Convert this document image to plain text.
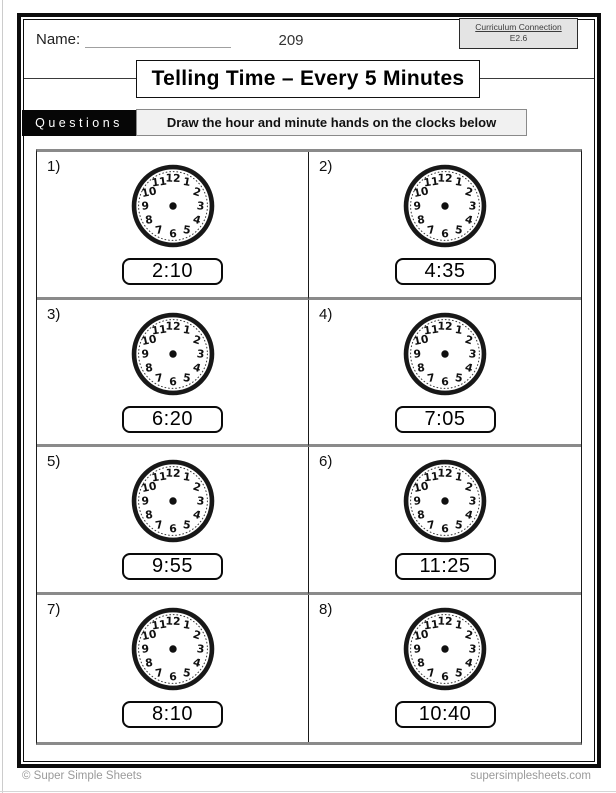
Name:	209
Curriculum Connection
E2.6
Telling Time – Every 5 Minutes
Questions	Draw the hour and minute hands on the clocks below
1)
1
2
3
4
5
6
7
8
9
10
11
12
2:10
2)
1
2
3
4
5
6
7
8
9
10
11
12
4:35
3)
1
2
3
4
5
6
7
8
9
10
11
12
6:20
4)
1
2
3
4
5
6
7
8
9
10
11
12
7:05
5)
1
2
3
4
5
6
7
8
9
10
11
12
9:55
6)
1
2
3
4
5
6
7
8
9
10
11
12
11:25
7)
1
2
3
4
5
6
7
8
9
10
11
12
8:10
8)
1
2
3
4
5
6
7
8
9
10
11
12
10:40
© Super Simple Sheets	supersimplesheets.com
